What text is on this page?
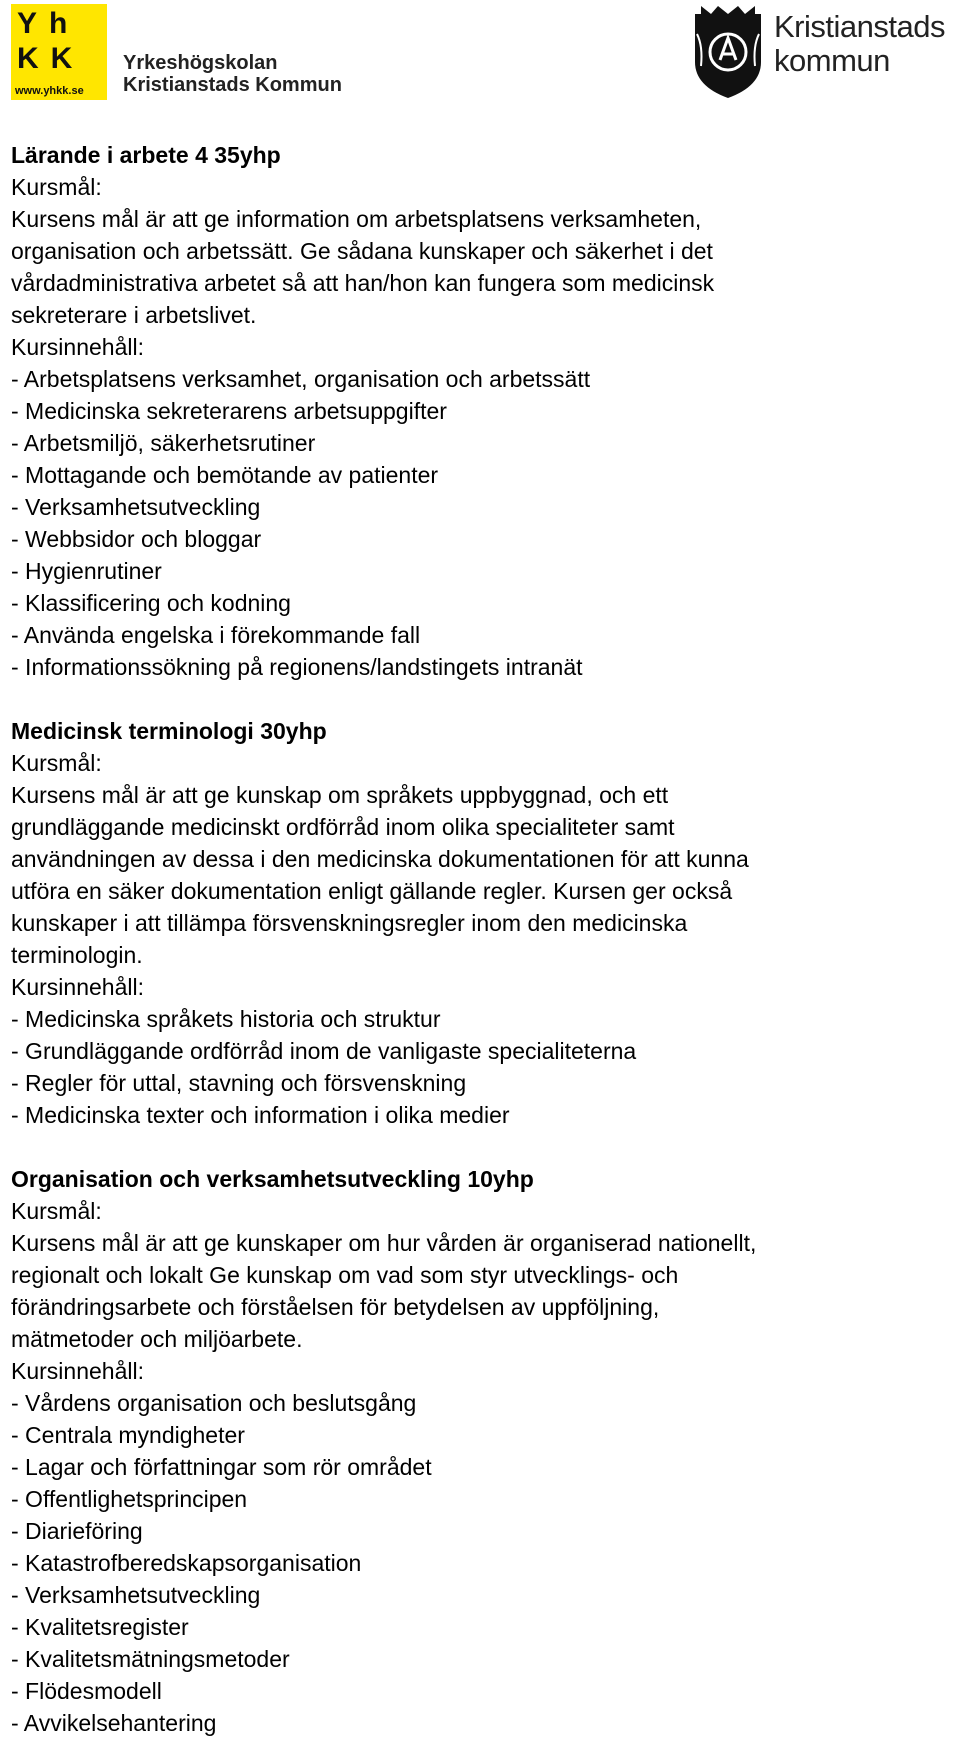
Yh
KK
www.yhkk.se
Yrkeshögskolan
Kristianstads Kommun
Kristianstads
kommun
Lärande i arbete 4 35yhp

Kursmål:

Kursens mål är att ge information om arbetsplatsens verksamheten,

organisation och arbetssätt. Ge sådana kunskaper och säkerhet i det

vårdadministrativa arbetet så att han/hon kan fungera som medicinsk

sekreterare i arbetslivet.

Kursinnehåll:

- Arbetsplatsens verksamhet, organisation och arbetssätt

- Medicinska sekreterarens arbetsuppgifter

- Arbetsmiljö, säkerhetsrutiner

- Mottagande och bemötande av patienter

- Verksamhetsutveckling

- Webbsidor och bloggar

- Hygienrutiner

- Klassificering och kodning

- Använda engelska i förekommande fall

- Informationssökning på regionens/landstingets intranät

Medicinsk terminologi 30yhp

Kursmål:

Kursens mål är att ge kunskap om språkets uppbyggnad, och ett

grundläggande medicinskt ordförråd inom olika specialiteter samt

användningen av dessa i den medicinska dokumentationen för att kunna

utföra en säker dokumentation enligt gällande regler. Kursen ger också

kunskaper i att tillämpa försvenskningsregler inom den medicinska

terminologin.

Kursinnehåll:

- Medicinska språkets historia och struktur

- Grundläggande ordförråd inom de vanligaste specialiteterna

- Regler för uttal, stavning och försvenskning

- Medicinska texter och information i olika medier

Organisation och verksamhetsutveckling 10yhp

Kursmål:

Kursens mål är att ge kunskaper om hur vården är organiserad nationellt,

regionalt och lokalt Ge kunskap om vad som styr utvecklings- och

förändringsarbete och förståelsen för betydelsen av uppföljning,

mätmetoder och miljöarbete.

Kursinnehåll:

- Vårdens organisation och beslutsgång

- Centrala myndigheter

- Lagar och författningar som rör området

- Offentlighetsprincipen

- Diarieföring

- Katastrofberedskapsorganisation

- Verksamhetsutveckling

- Kvalitetsregister

- Kvalitetsmätningsmetoder

- Flödesmodell

- Avvikelsehantering
